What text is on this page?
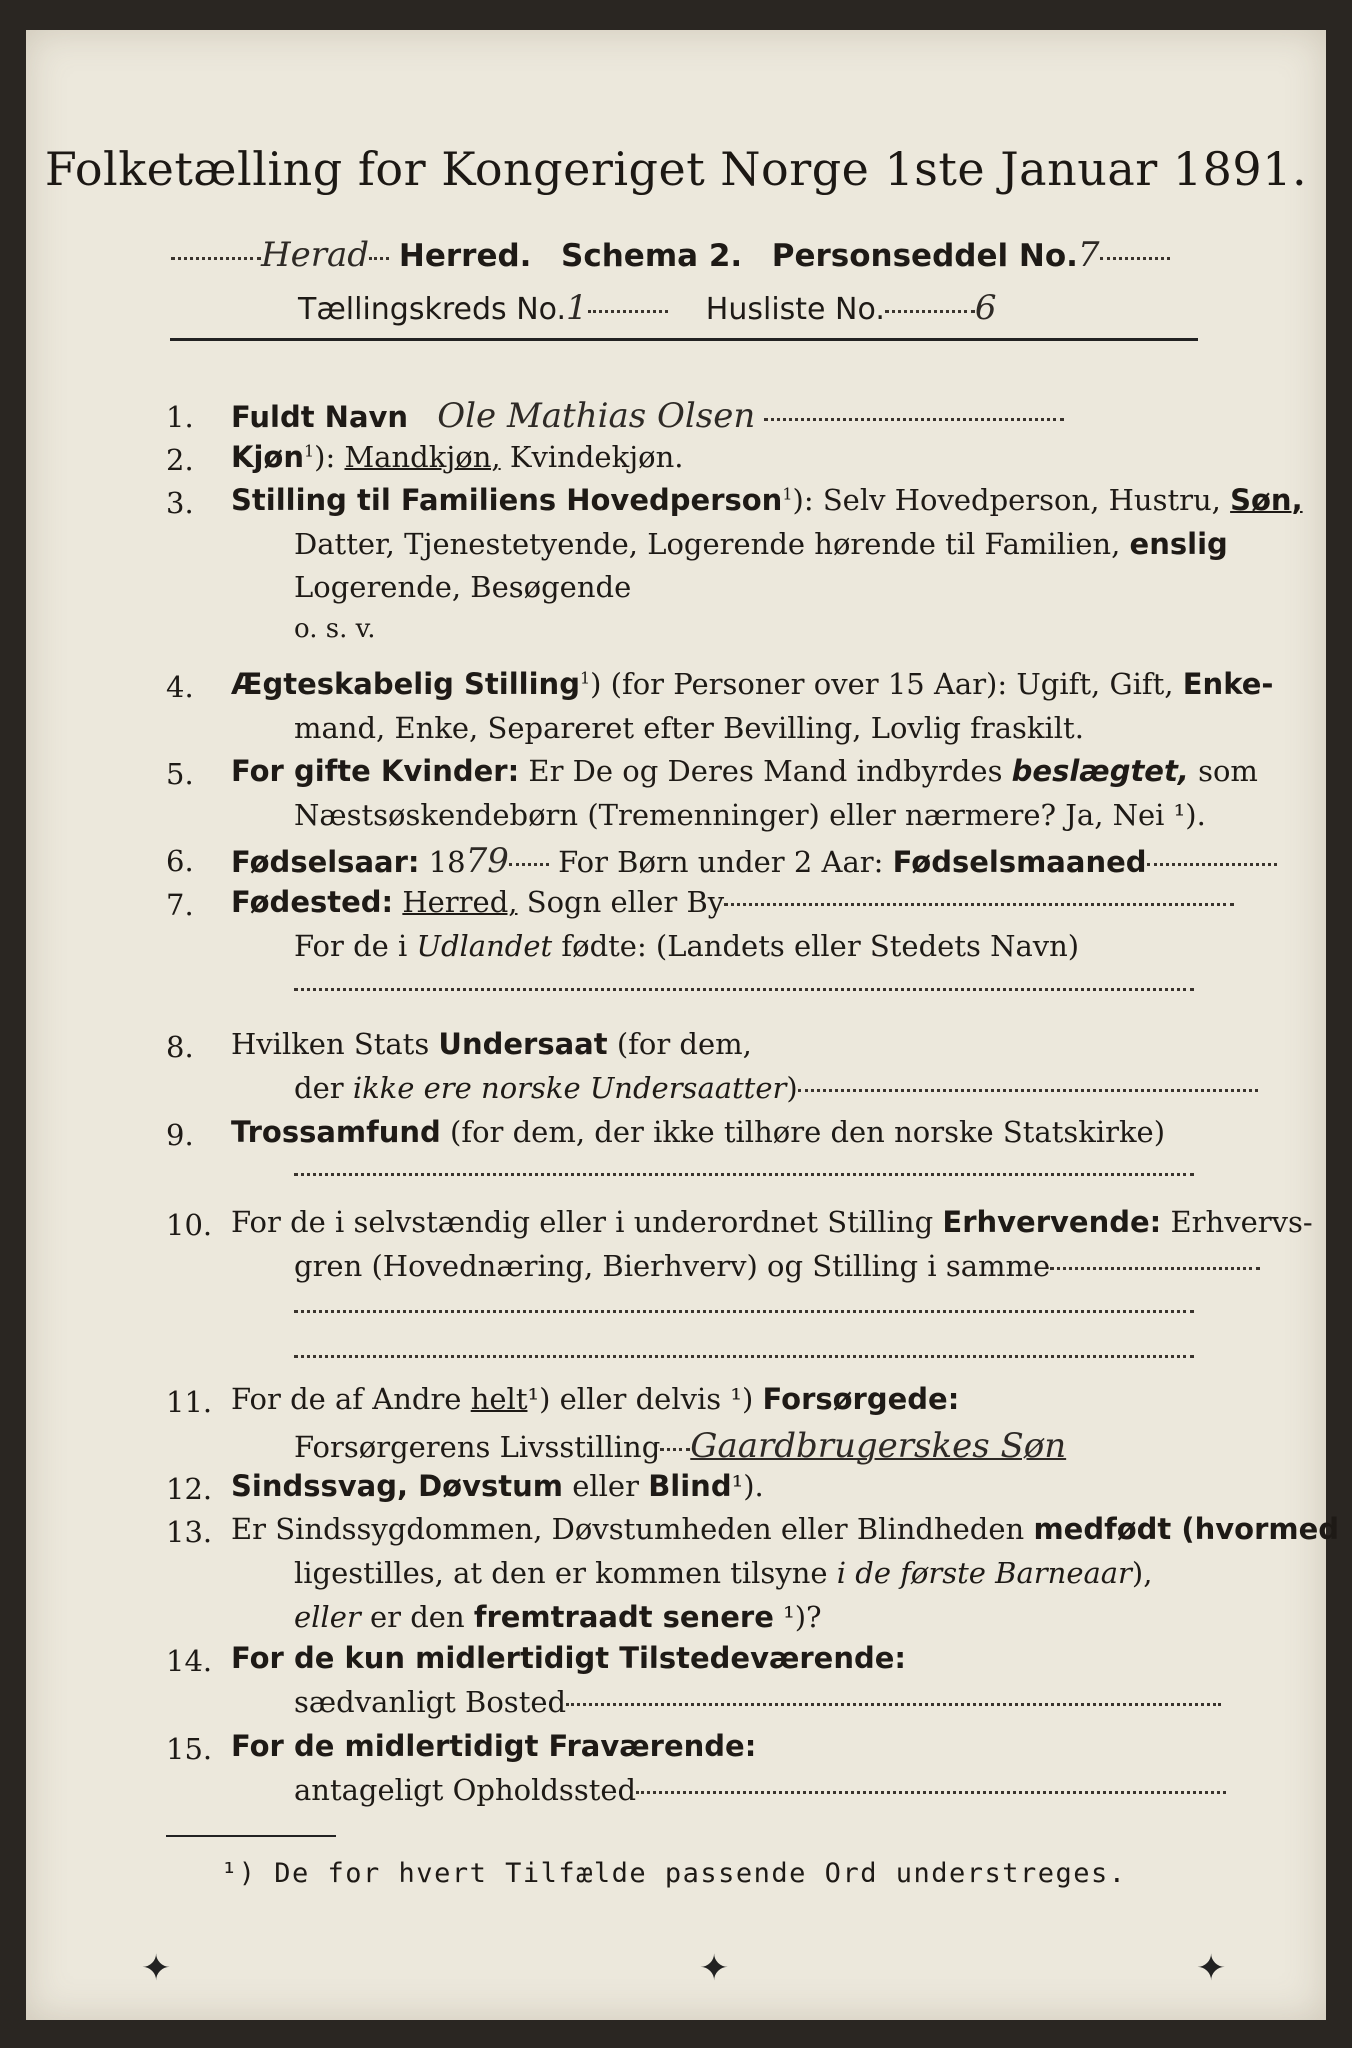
Folketælling for Kongeriget Norge 1ste Januar 1891.
Herad Herred. Schema 2. Personseddel No.7
Tællingskreds No.1	Husliste No.	6
1.	Fuldt Navn Ole Mathias Olsen
2.	Kjøn$^1$): Mandkjøn, Kvindekjøn.
3.	Stilling til Familiens Hovedperson$^1$): Selv Hovedperson, Hustru, Søn,
Datter, Tjenestetyende, Logerende hørende til Familien, enslig
Logerende, Besøgende
o. s. v.
4.	Ægteskabelig Stilling$^1$) (for Personer over 15 Aar): Ugift, Gift, Enke-
mand, Enke, Separeret efter Bevilling, Lovlig fraskilt.
5.	For gifte Kvinder: Er De og Deres Mand indbyrdes beslægtet, som
Næstsøskendebørn (Tremenninger) eller nærmere? Ja, Nei ¹).
6.	Fødselsaar: 1879 For Børn under 2 Aar: Fødselsmaaned
7.	Fødested: Herred, Sogn eller By
For de i Udlandet fødte: (Landets eller Stedets Navn)
8.	Hvilken Stats Undersaat (for dem,
der ikke ere norske Undersaatter)
9.	Trossamfund (for dem, der ikke tilhøre den norske Statskirke)
10. For de i selvstændig eller i underordnet Stilling Erhvervende: Erhvervs-
gren (Hovednæring, Bierhverv) og Stilling i samme
11. For de af Andre helt¹) eller delvis ¹) Forsørgede:
Forsørgerens Livsstilling Gaardbrugerskes Søn
12. Sindssvag, Døvstum eller Blind¹).
13. Er Sindssygdommen, Døvstumheden eller Blindheden medfødt (hvormed
ligestilles, at den er kommen tilsyne i de første Barneaar),
eller er den fremtraadt senere ¹)?
14. For de kun midlertidigt Tilstedeværende:
sædvanligt Bosted
15. For de midlertidigt Fraværende:
antageligt Opholdssted
¹) De for hvert Tilfælde passende Ord understreges.
✦	✦	✦
